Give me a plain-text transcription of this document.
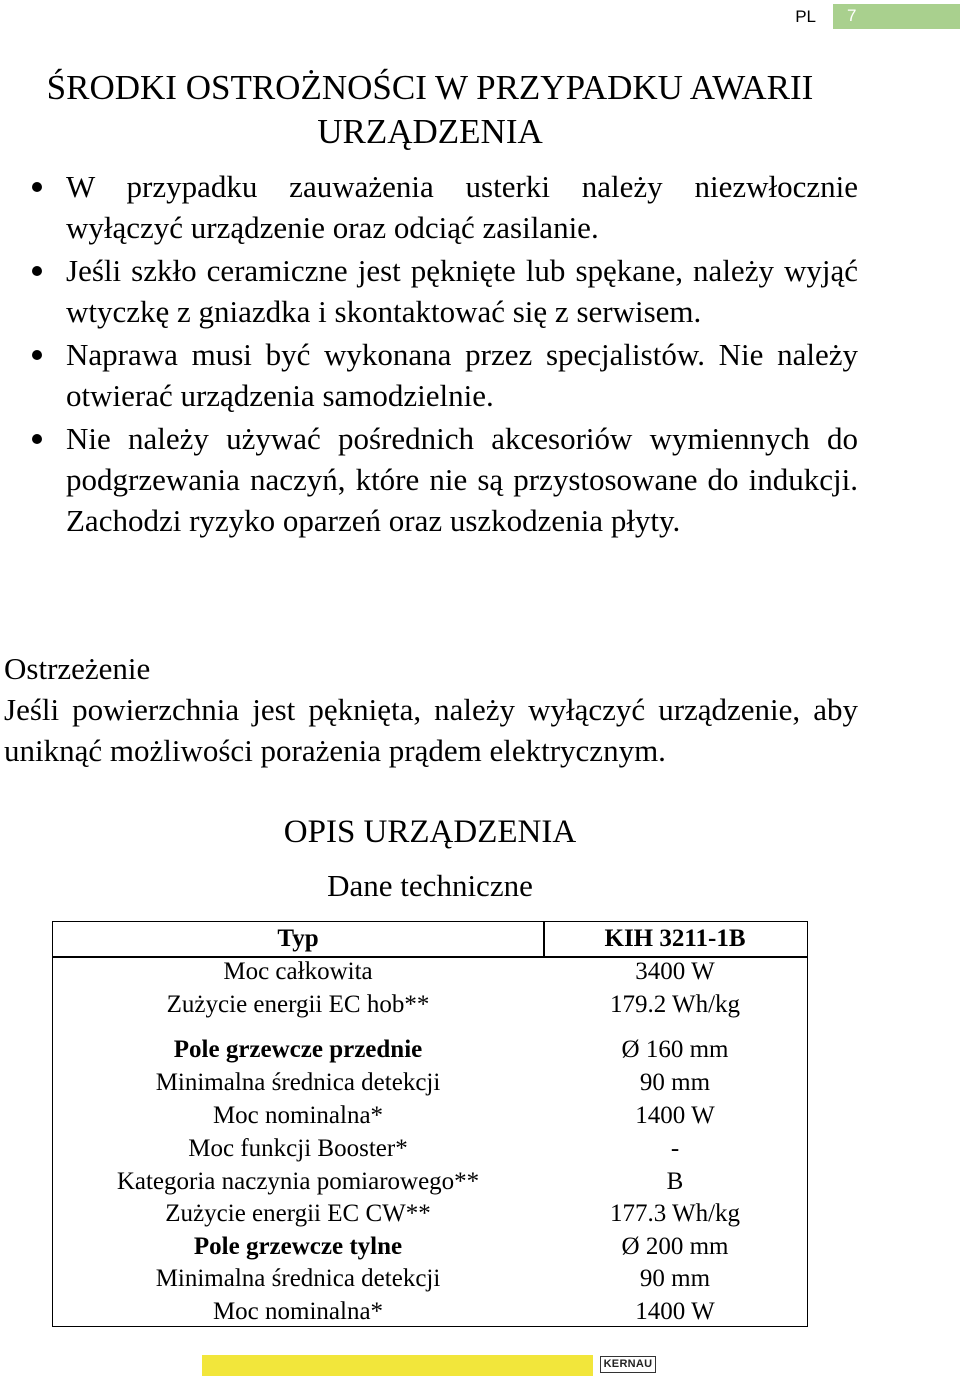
PL 7
ŚRODKI OSTROŻNOŚCI W PRZYPADKU AWARII URZĄDZENIA
W przypadku zauważenia usterki należy niezwłocznie wyłączyć urządzenie oraz odciąć zasilanie.
Jeśli szkło ceramiczne jest pęknięte lub spękane, należy wyjąć wtyczkę z gniazdka i skontaktować się z serwisem.
Naprawa musi być wykonana przez specjalistów. Nie należy otwierać urządzenia samodzielnie.
Nie należy używać pośrednich akcesoriów wymiennych do podgrzewania naczyń, które nie są przystosowane do indukcji. Zachodzi ryzyko oparzeń oraz uszkodzenia płyty.
Ostrzeżenie
Jeśli powierzchnia jest pęknięta, należy wyłączyć urządzenie, aby uniknąć możliwości porażenia prądem elektrycznym.
OPIS URZĄDZENIA
Dane techniczne
Typ
Moc całkowita
Zużycie energii EC hob**
Pole grzewcze przednie
Minimalna średnica detekcji
Moc nominalna*
Moc funkcji Booster*
Kategoria naczynia pomiarowego**
Zużycie energii EC CW**
Pole grzewcze tylne
Minimalna średnica detekcji
Moc nominalna*
KIH 3211-1B
3400 W
179.2 Wh/kg
Ø 160 mm
90 mm
1400 W
-
B
177.3 Wh/kg
Ø 200 mm
90 mm
1400 W
KERNAU
